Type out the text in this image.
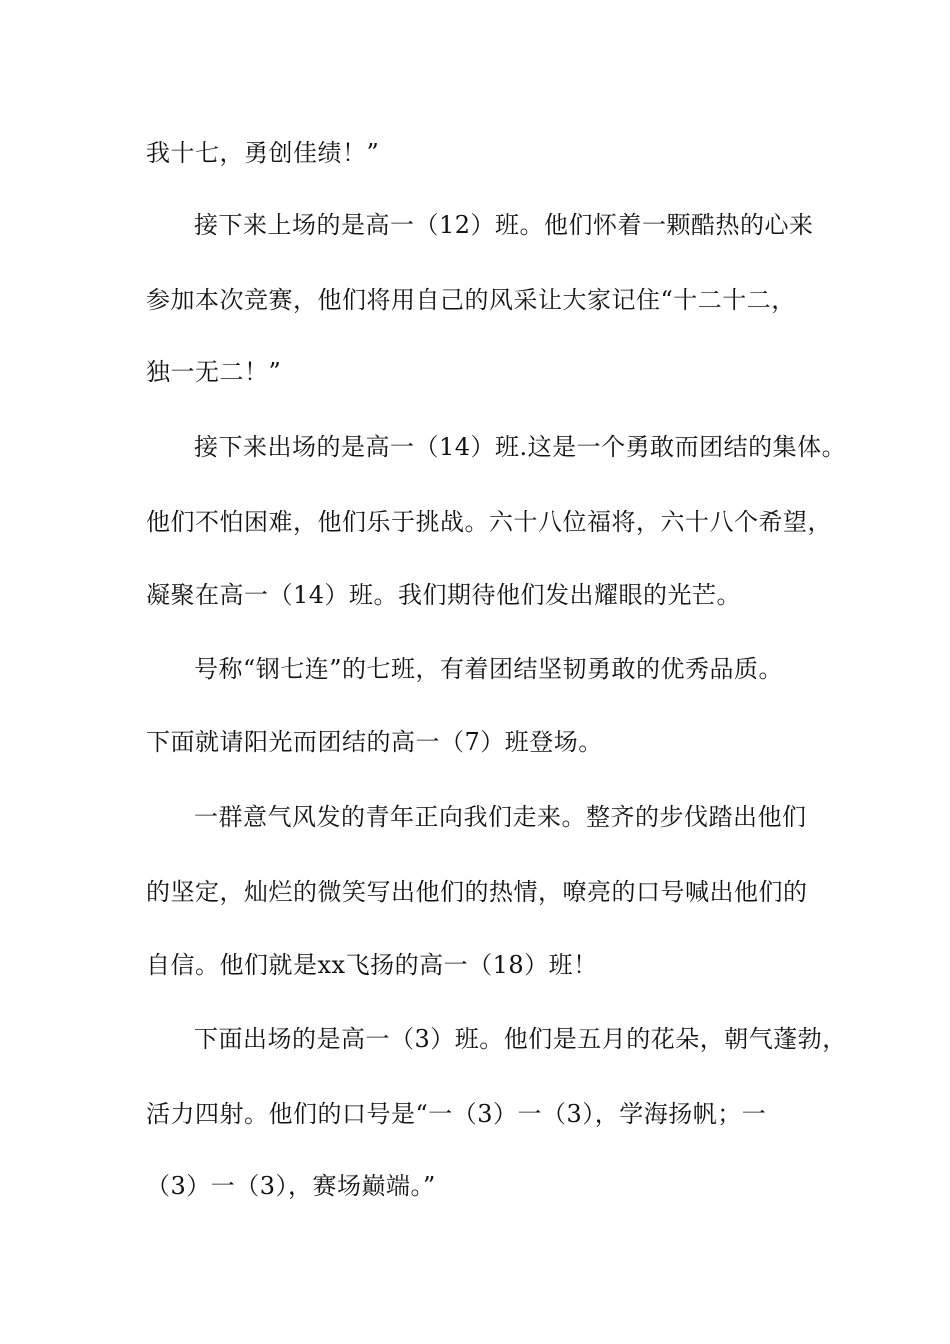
我十七，勇创佳绩！”
接下来上场的是高一（12）班。他们怀着一颗酷热的心来
参加本次竞赛，他们将用自己的风采让大家记住“十二十二，
独一无二！”
接下来出场的是高一（14）班.这是一个勇敢而团结的集体。
他们不怕困难，他们乐于挑战。六十八位福将，六十八个希望，
凝聚在高一（14）班。我们期待他们发出耀眼的光芒。
号称“钢七连”的七班，有着团结坚韧勇敢的优秀品质。
下面就请阳光而团结的高一（7）班登场。
一群意气风发的青年正向我们走来。整齐的步伐踏出他们
的坚定，灿烂的微笑写出他们的热情，嘹亮的口号喊出他们的
自信。他们就是xx飞扬的高一（18）班！
下面出场的是高一（3）班。他们是五月的花朵，朝气蓬勃，
活力四射。他们的口号是“一（3）一（3），学海扬帆；一
（3）一（3），赛场巅端。”
